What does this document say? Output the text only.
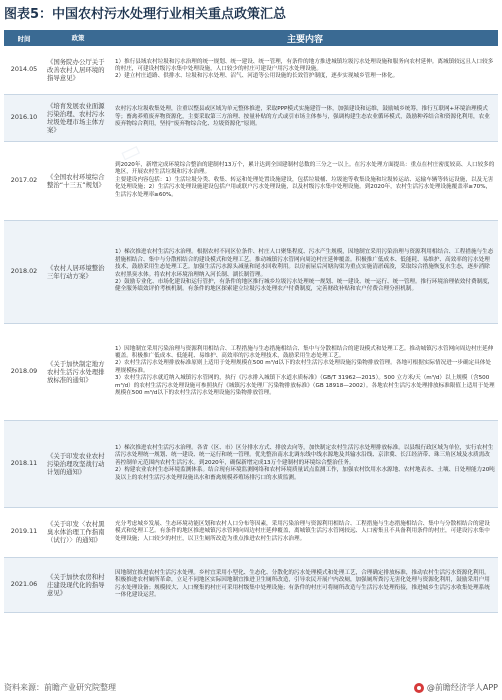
图表5：中国农村污水处理行业相关重点政策汇总
时间	政策	主要内容
2014.05	《国务院办公厅关于改善农村人居环境的指导意见》	1）推行县域农村垃圾和污水治理的统一规划、统一建设、统一管理，有条件的地方推进城镇垃圾污水处理设施和服务向农村延伸。离城镇较远且人口较多的村庄，可建设村级污水集中处理设施，人口较少的村庄可建设户用污水处理设施。
2）建立村庄道路、供排水、垃圾和污水处理、沼气、河道等公用设施的长效管护制度，逐步实现城乡管理一体化。

2016.10	《培育发展农业面源污染治理、农村污水垃圾处理市场主体方案》	农村污水垃圾收集处理，注重以整县或区域为单元整体推进，采取PPP模式实施建管一体，加强建设和运维，鼓励城乡统筹，推行互联网+环境治理模式等；畜禽养殖废弃物资源化，主要采取第三方治理、按量补贴的方式或引市场主体参与，强调构建生态农业循环模式，鼓励种养结合和资源化利用，农业废弃物综合利用，坚持“废弃物综合化、垃圾资源化”原则。

2017.02	《全国农村环境综合整治“十三五”规划》	到2020年，新增完成环境综合整治的建制村13万个，累计达到全国建制村总数的三分之一以上。在污水处理方面提出：重点在村庄密度较高、人口较多的地区，开展农村生活垃圾和污水治理。
主要建设内容包括：1）生活垃圾分类、收集、转运和处理处置设施建设，包括垃圾桶、垃圾池等收集设施和垃圾转运站、运输车辆等转运设施，以及无害化处理设施；2）生活污水处理设施建设包括户用或联户污水处理设施，以及村级污水集中处理设施。到2020年，农村生活污水处理设施覆盖率≥70%，生活污水处理率≥60%。

2018.02	《农村人居环境整治三年行动方案》	1）梯次推进农村生活污水治理。根据农村不同区位条件、村庄人口聚集程度、污水产生规模，因地制宜采用污染治理与资源利用相结合、工程措施与生态措施相结合、集中与分散相结合的建设模式和处理工艺。推动城镇污水管网向周边村庄延伸覆盖。积极推广低成本、低能耗、易维护、高效率的污水处理技术，鼓励采用生态处理工艺。加强生活污水源头减量和尾水回收利用。以房前屋后河塘沟渠为重点实施清淤疏浚，采取综合措施恢复水生态，逐步消除农村黑臭水体。将农村水环境治理纳入河长制、湖长制管理。
2）鼓励专业化、市场化建设和运行管护，有条件的地区推行城乡垃圾污水处理统一规划、统一建设、统一运行、统一管理。推行环境治理依效付费制度，健全服务绩效评价考核机制。有条件的地区探索建立垃圾污水处理农户付费制度，完善财政补贴和农户付费合理分担机制。

2018.09	《关于加快制定地方农村生活污水处理排放标准的通知》	1）因地制宜采用污染治理与资源利用相结合、工程措施与生态措施相结合、集中与分散相结合的建设模式和处理工艺。推动城镇污水管网向周边村庄延伸覆盖。积极推广低成本、低能耗、易维护、高效率的污水处理技术，鼓励采用生态处理工艺。
2）农村生活污水处理排放标准原则上适用于处理规模在500 m³/d以下的农村生活污水处理设施污染物排放管理。各地可根据实际情况进一步确定具体处理规模标准。
3）农村生活污水就近纳入城镇污水管网的，执行《污水排入城镇下水道水质标准》（GB/T 31962—2015）。500 立方米/天（m³/d）以上规模（含500 m³/d）的农村生活污水处理设施可参照执行《城镇污水处理厂污染物排放标准》（GB 18918—2002）。各地农村生活污水处理排放标准限值上适用于处理规模在500 m³/d以下的农村生活污水处理设施污染物排放管理。

2018.11	《关于印发农业农村污染治理攻坚战行动计划的通知》	1）梯次推进农村生活污水治理。各省（区、市）区分排水方式、排放去向等，加快制定农村生活污水处理排放标准。以县级行政区域为单位，实行农村生活污水处理统一规划、统一建设、统一运行和统一管理。优先整治南水北调东线中线水源地及其输水沿线、京津冀、长江经济带、珠三角区域及水质需改善控制单元范围内农村生活污水。到2020年，确保新增完成13万个建制村的环境综合整治任务。
2）构建农业农村生态环境监测体系。结合现有环境监测网络和农村环境质量试点监测工作，加强农村饮用水水源地、农村地表水、土壤、日处理能力20吨及以上的农村生活污水处理设施出水和畜禽规模养殖场排污口的水质监测。

2019.11	《关于印发〈农村黑臭水体治理工作指南（试行）〉的通知》	充分考虑城乡发展、生态环境功能区划和农村人口分布等因素，采用污染治理与资源利用相结合、工程措施与生态措施相结合、集中与分散相结合的建设模式和处理工艺。有条件的地区推进城镇污水管网向周边村庄延伸覆盖，离城镇生活污水管网较远、人口密集且不具备利用条件的村庄，可建设污水集中处理设施；人口较少的村庄，以卫生厕所改造为重点推进农村生活污水治理。

2021.06	《关于加快农房和村庄建设现代化的指导意见》	因地制宜推进农村生活污水处理。乡村宜采用小型化、生态化、分散化的污水处理模式和处理工艺，合理确定排放标准，推动农村生活污水资源化利用。积极推进农村厕所革命，立足不同地区实际因地制宜推进卫生厕所改造，引导农民开展户内改厕，加强厕所粪污无害化处理与资源化利用，鼓励采用户用污水处理设备；规模较大、人口聚集的村庄可采用村级集中处理设施；有条件的村庄可将厕所改造与生活污水处理衔接，推进城乡生活污水收集处理系统一体化建设运营。
资料来源：前瞻产业研究院整理	@前瞻经济学人APP
